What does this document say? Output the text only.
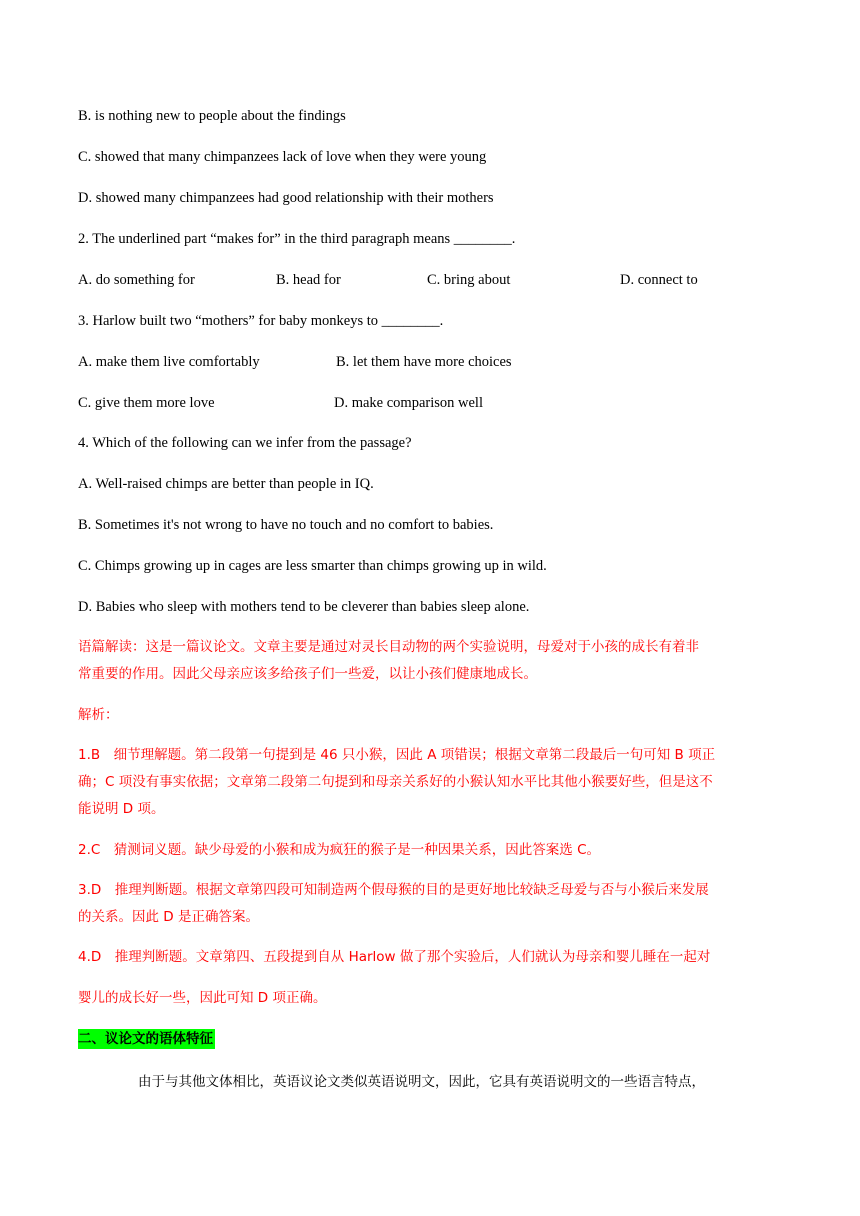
B. is nothing new to people about the findings
C. showed that many chimpanzees lack of love when they were young
D. showed many chimpanzees had good relationship with their mothers
2. The underlined part “makes for” in the third paragraph means ________.
A. do something for	B. head for	C. bring about	D. connect to
3. Harlow built two “mothers” for baby monkeys to ________.
A. make them live comfortably	B. let them have more choices
C. give them more love	D. make comparison well
4. Which of the following can we infer from the passage?
A. Well-raised chimps are better than people in IQ.
B. Sometimes it's not wrong to have no touch and no comfort to babies.
C. Chimps growing up in cages are less smarter than chimps growing up in wild.
D. Babies who sleep with mothers tend to be cleverer than babies sleep alone.
语篇解读：这是一篇议论文。文章主要是通过对灵长目动物的两个实验说明，母爱对于小孩的成长有着非
常重要的作用。因此父母亲应该多给孩子们一些爱，以让小孩们健康地成长。
解析：
1.B　细节理解题。第二段第一句提到是 46 只小猴，因此 A 项错误；根据文章第二段最后一句可知 B 项正
确；C 项没有事实依据；文章第二段第二句提到和母亲关系好的小猴认知水平比其他小猴要好些，但是这不
能说明 D 项。
2.C　猜测词义题。缺少母爱的小猴和成为疯狂的猴子是一种因果关系，因此答案选 C。
3.D　推理判断题。根据文章第四段可知制造两个假母猴的目的是更好地比较缺乏母爱与否与小猴后来发展
的关系。因此 D 是正确答案。
4.D　推理判断题。文章第四、五段提到自从 Harlow 做了那个实验后，人们就认为母亲和婴儿睡在一起对
婴儿的成长好一些，因此可知 D 项正确。
二、议论文的语体特征
由于与其他文体相比，英语议论文类似英语说明文，因此，它具有英语说明文的一些语言特点，
